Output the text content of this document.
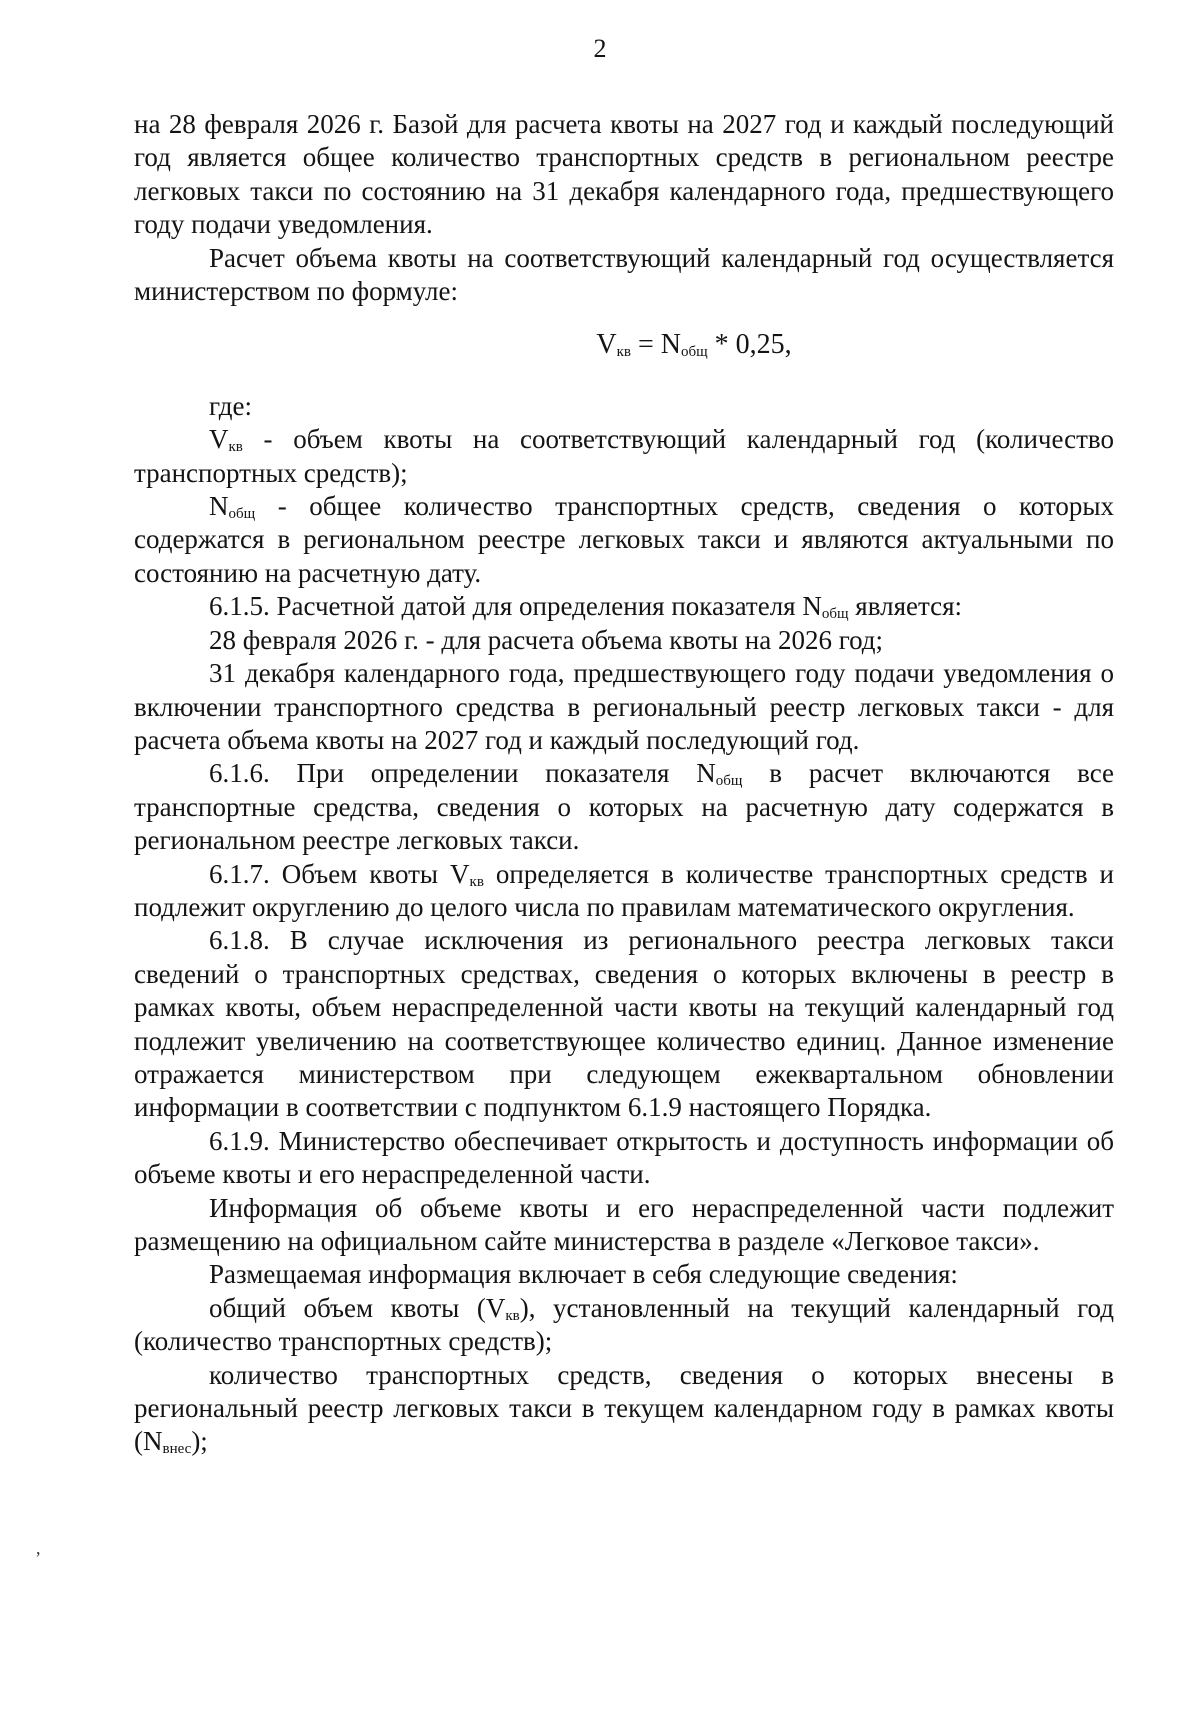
2

на 28 февраля 2026 г. Базой для расчета квоты на 2027 год и каждый последующий год является общее количество транспортных средств в региональном реестре легковых такси по состоянию на 31 декабря календарного года, предшествующего году подачи уведомления.

Расчет объема квоты на соответствующий календарный год осуществляется министерством по формуле:

$V_{кв} = N_{общ} * 0,25$,

где:

$V_{кв}$ - объем квоты на соответствующий календарный год (количество транспортных средств);

$N_{общ}$ - общее количество транспортных средств, сведения о которых содержатся в региональном реестре легковых такси и являются актуальными по состоянию на расчетную дату.

6.1.5. Расчетной датой для определения показателя $N_{общ}$ является:

28 февраля 2026 г. - для расчета объема квоты на 2026 год;

31 декабря календарного года, предшествующего году подачи уведомления о включении транспортного средства в региональный реестр легковых такси - для расчета объема квоты на 2027 год и каждый последующий год.

6.1.6. При определении показателя $N_{общ}$ в расчет включаются все транспортные средства, сведения о которых на расчетную дату содержатся в региональном реестре легковых такси.

6.1.7. Объем квоты $V_{кв}$ определяется в количестве транспортных средств и подлежит округлению до целого числа по правилам математического округления.

6.1.8. В случае исключения из регионального реестра легковых такси сведений о транспортных средствах, сведения о которых включены в реестр в рамках квоты, объем нераспределенной части квоты на текущий календарный год подлежит увеличению на соответствующее количество единиц. Данное изменение отражается министерством при следующем ежеквартальном обновлении информации в соответствии с подпунктом 6.1.9 настоящего Порядка.

6.1.9. Министерство обеспечивает открытость и доступность информации об объеме квоты и его нераспределенной части.

Информация об объеме квоты и его нераспределенной части подлежит размещению на официальном сайте министерства в разделе «Легковое такси».

Размещаемая информация включает в себя следующие сведения:

общий объем квоты $(V_{кв})$, установленный на текущий календарный год (количество транспортных средств);

количество транспортных средств, сведения о которых внесены в региональный реестр легковых такси в текущем календарном году в рамках квоты $(N_{внес})$;

,
